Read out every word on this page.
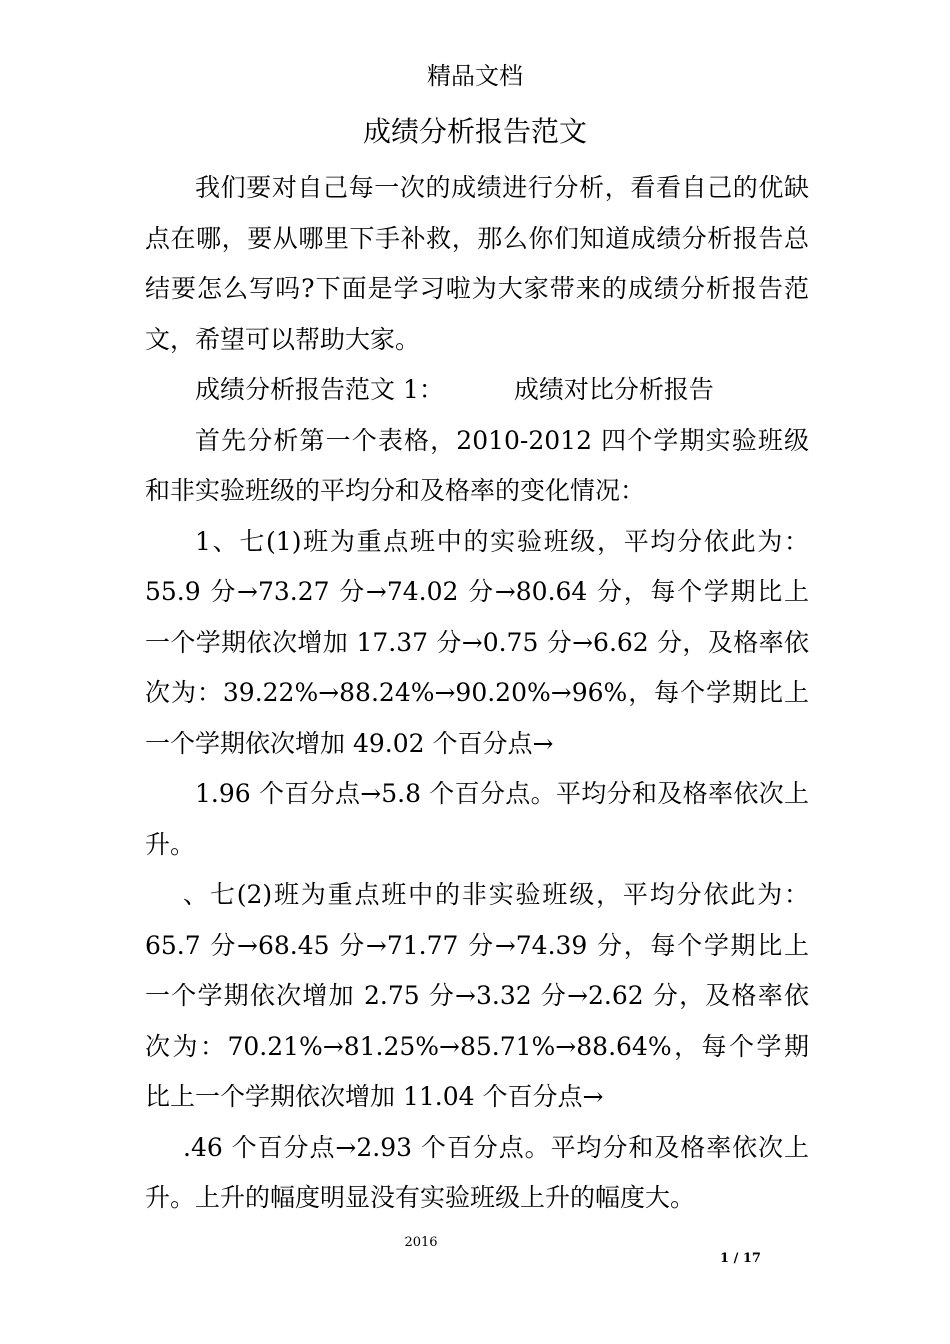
精品文档
成绩分析报告范文

我们要对自己每一次的成绩进行分析，看看自己的优缺点在哪，要从哪里下手补救，那么你们知道成绩分析报告总结要怎么写吗?下面是学习啦为大家带来的成绩分析报告范文，希望可以帮助大家。

成绩分析报告范文 1：	成绩对比分析报告

首先分析第一个表格，2010-2012 四个学期实验班级和非实验班级的平均分和及格率的变化情况：

1、七(1)班为重点班中的实验班级，平均分依此为：55.9 分→73.27 分→74.02 分→80.64 分，每个学期比上一个学期依次增加 17.37 分→0.75 分→6.62 分，及格率依次为：39.22%→88.24%→90.20%→96%，每个学期比上一个学期依次增加 49.02 个百分点→

1.96 个百分点→5.8 个百分点。平均分和及格率依次上升。

、七(2)班为重点班中的非实验班级，平均分依此为：65.7 分→68.45 分→71.77 分→74.39 分，每个学期比上一个学期依次增加 2.75 分→3.32 分→2.62 分，及格率依次为：70.21%→81.25%→85.71%→88.64%，每个学期比上一个学期依次增加 11.04 个百分点→

.46 个百分点→2.93 个百分点。平均分和及格率依次上升。上升的幅度明显没有实验班级上升的幅度大。

2016
1 / 17
